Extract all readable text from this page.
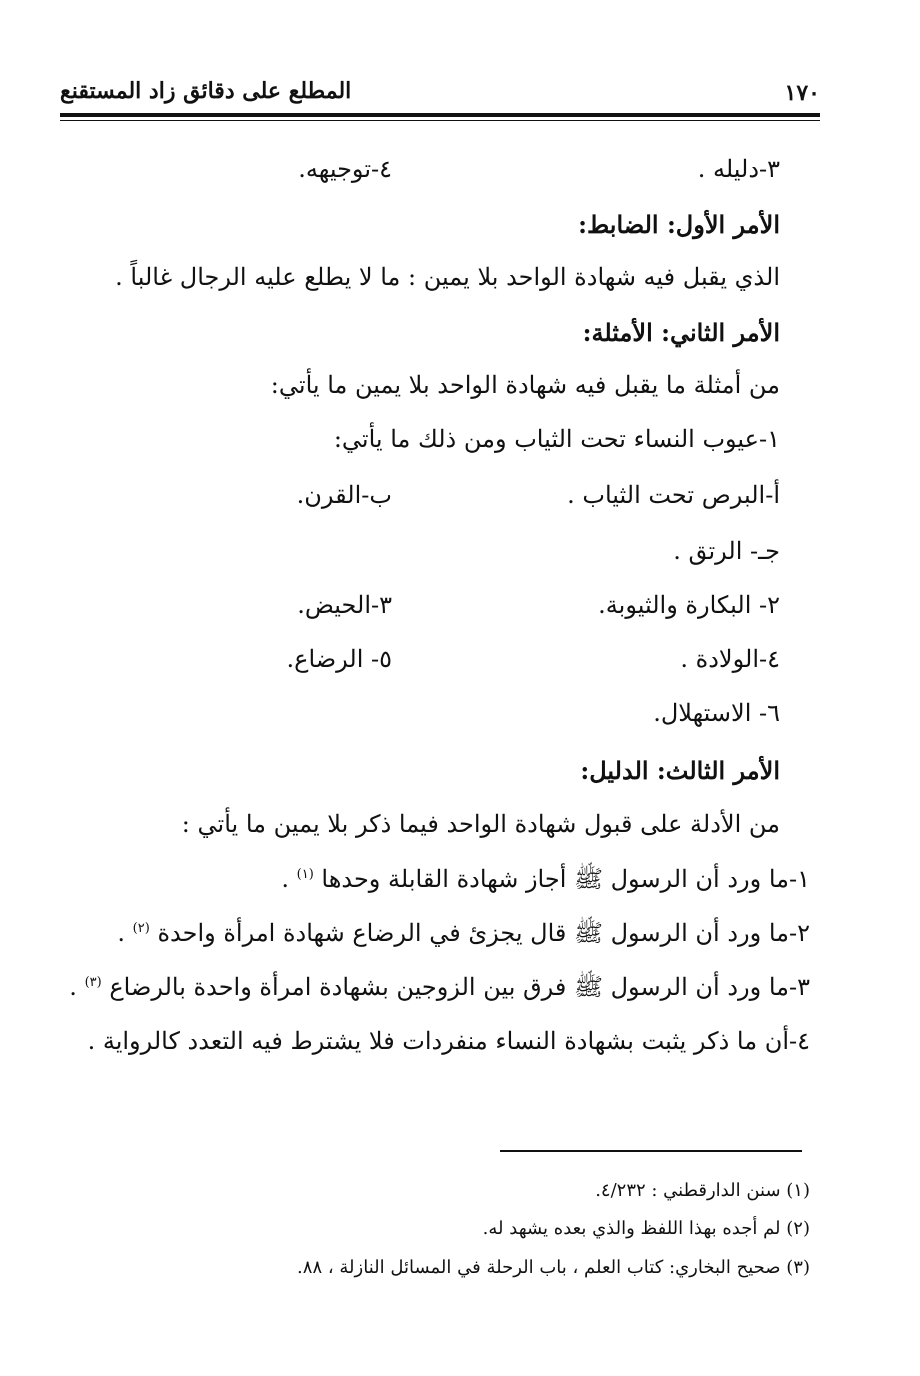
المطلع على دقائق زاد المستقنع	١٧٠
٣-دليله .
٤-توجيهه.
الأمر الأول: الضابط:
الذي يقبل فيه شهادة الواحد بلا يمين : ما لا يطلع عليه الرجال غالباً .
الأمر الثاني: الأمثلة:
من أمثلة ما يقبل فيه شهادة الواحد بلا يمين ما يأتي:
١-عيوب النساء تحت الثياب ومن ذلك ما يأتي:
أ-البرص تحت الثياب .
ب-القرن.
جـ- الرتق .
٢- البكارة والثيوبة.
٣-الحيض.
٤-الولادة .
٥- الرضاع.
٦- الاستهلال.
الأمر الثالث: الدليل:
من الأدلة على قبول شهادة الواحد فيما ذكر بلا يمين ما يأتي :
١-ما ورد أن الرسول ﷺ أجاز شهادة القابلة وحدها $^{(١)}$ .
٢-ما ورد أن الرسول ﷺ قال يجزئ في الرضاع شهادة امرأة واحدة $^{(٢)}$ .
٣-ما ورد أن الرسول ﷺ فرق بين الزوجين بشهادة امرأة واحدة بالرضاع $^{(٣)}$ .
٤-أن ما ذكر يثبت بشهادة النساء منفردات فلا يشترط فيه التعدد كالرواية .
(١) سنن الدارقطني : ٤/٢٣٢.
(٢) لم أجده بهذا اللفظ والذي بعده يشهد له.
(٣) صحيح البخاري: كتاب العلم ، باب الرحلة في المسائل النازلة ، ٨٨.
